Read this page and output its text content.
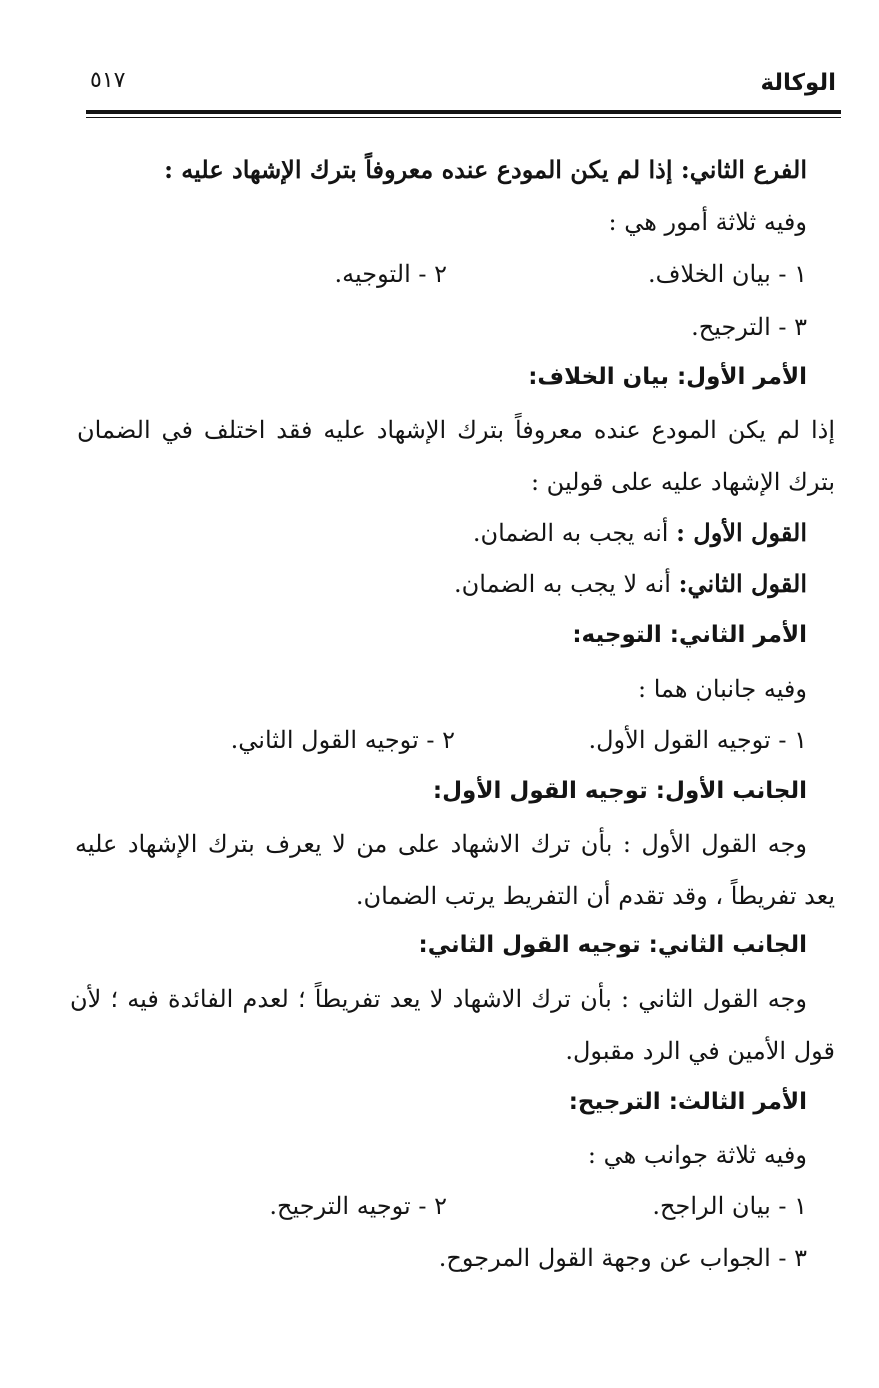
الوكالة
٥١٧
الفرع الثاني: إذا لم يكن المودع عنده معروفاً بترك الإشهاد عليه :
وفيه ثلاثة أمور هي :
١ - بيان الخلاف.
٢ - التوجيه.
٣ - الترجيح.
الأمر الأول: بيان الخلاف:
إذا لم يكن المودع عنده معروفاً بترك الإشهاد عليه فقد اختلف في الضمان
بترك الإشهاد عليه على قولين :
القول الأول : أنه يجب به الضمان.
القول الثاني: أنه لا يجب به الضمان.
الأمر الثاني: التوجيه:
وفيه جانبان هما :
١ - توجيه القول الأول.
٢ - توجيه القول الثاني.
الجانب الأول: توجيه القول الأول:
وجه القول الأول : بأن ترك الاشهاد على من لا يعرف بترك الإشهاد عليه
يعد تفريطاً ، وقد تقدم أن التفريط يرتب الضمان.
الجانب الثاني: توجيه القول الثاني:
وجه القول الثاني : بأن ترك الاشهاد لا يعد تفريطاً ؛ لعدم الفائدة فيه ؛ لأن
قول الأمين في الرد مقبول.
الأمر الثالث: الترجيح:
وفيه ثلاثة جوانب هي :
١ - بيان الراجح.
٢ - توجيه الترجيح.
٣ - الجواب عن وجهة القول المرجوح.
